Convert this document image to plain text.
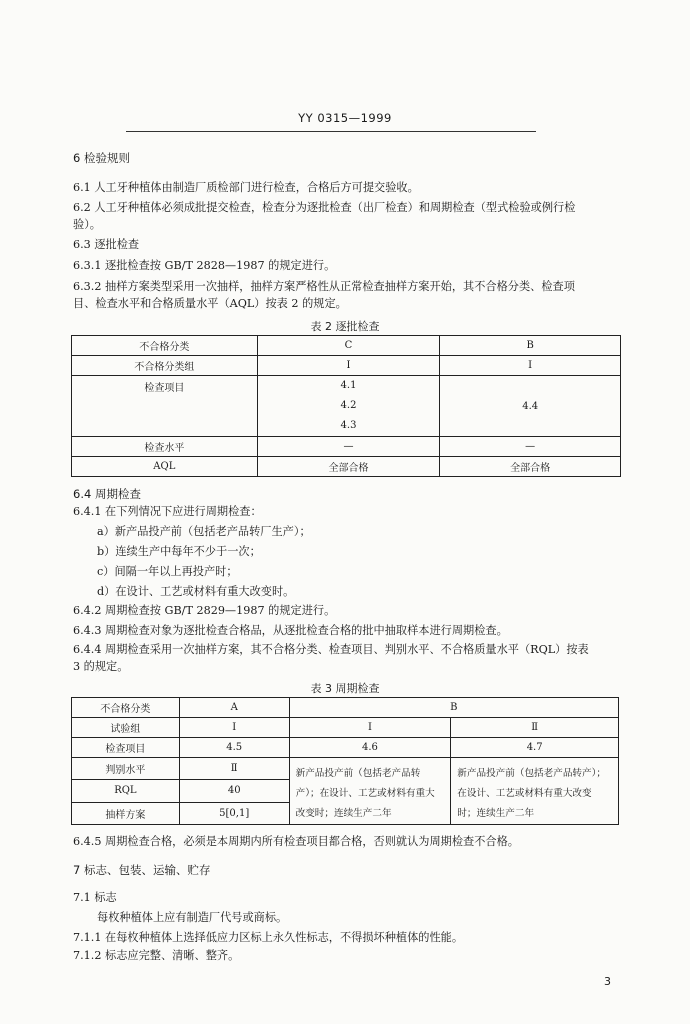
YY 0315—1999
6 检验规则
6.1 人工牙种植体由制造厂质检部门进行检查，合格后方可提交验收。
6.2 人工牙种植体必须成批提交检查，检查分为逐批检查（出厂检查）和周期检查（型式检验或例行检
验）。
6.3 逐批检查
6.3.1 逐批检查按 GB/T 2828—1987 的规定进行。
6.3.2 抽样方案类型采用一次抽样，抽样方案严格性从正常检查抽样方案开始，其不合格分类、检查项
目、检查水平和合格质量水平（AQL）按表 2 的规定。
表 2 逐批检查
不合格分类	C	B
不合格分类组	Ⅰ	Ⅰ
检查项目	4.1
4.2
4.3	4.4
检查水平	—	—
AQL	全部合格	全部合格
6.4 周期检查
6.4.1 在下列情况下应进行周期检查：
a）新产品投产前（包括老产品转厂生产）；
b）连续生产中每年不少于一次；
c）间隔一年以上再投产时；
d）在设计、工艺或材料有重大改变时。
6.4.2 周期检查按 GB/T 2829—1987 的规定进行。
6.4.3 周期检查对象为逐批检查合格品，从逐批检查合格的批中抽取样本进行周期检查。
6.4.4 周期检查采用一次抽样方案，其不合格分类、检查项目、判别水平、不合格质量水平（RQL）按表
3 的规定。
表 3 周期检查
不合格分类	A	B	
试验组	Ⅰ	Ⅰ	Ⅱ
检查项目	4.5	4.6	4.7
判别水平	Ⅱ	新产品投产前（包括老产品转
产）；在设计、工艺或材料有重大
改变时；连续生产二年	新产品投产前（包括老产品转产）；
在设计、工艺或材料有重大改变
时；连续生产二年

RQL	40		
抽样方案	5[0,1]		
6.4.5 周期检查合格，必须是本周期内所有检查项目都合格，否则就认为周期检查不合格。
7 标志、包装、运输、贮存
7.1 标志
每枚种植体上应有制造厂代号或商标。
7.1.1 在每枚种植体上选择低应力区标上永久性标志，不得损坏种植体的性能。
7.1.2 标志应完整、清晰、整齐。
3
